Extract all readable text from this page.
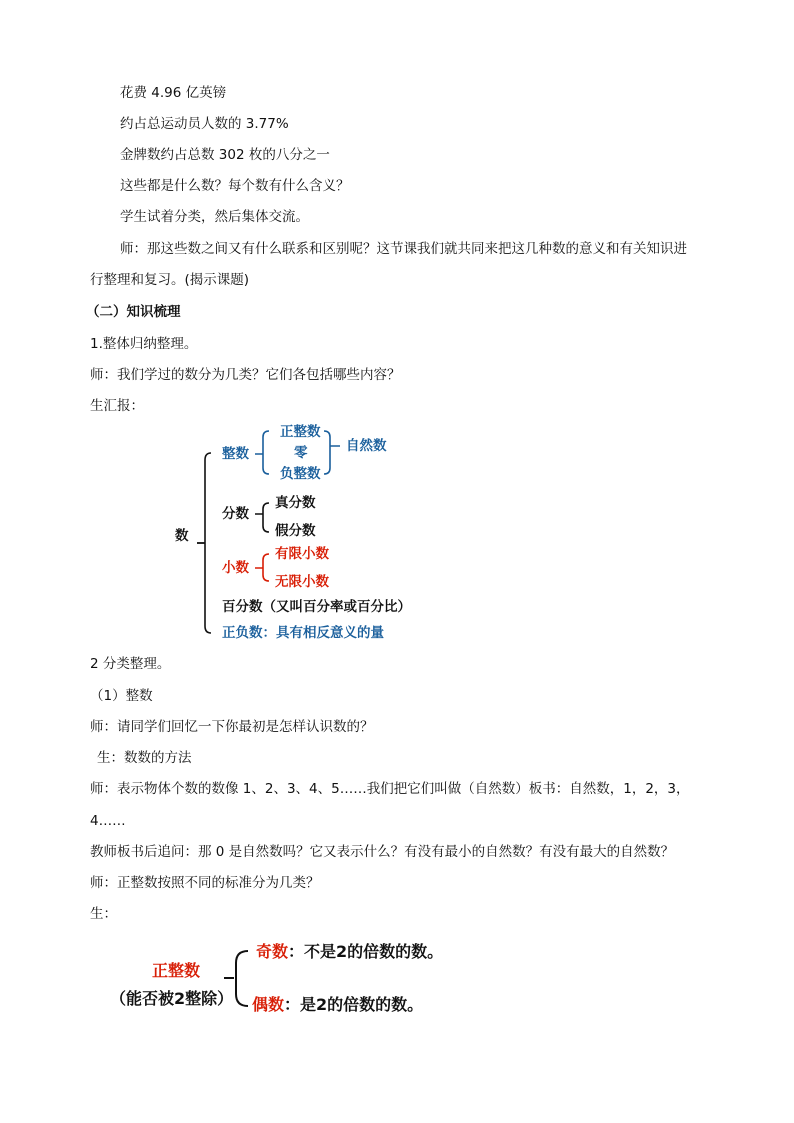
花费 4.96 亿英镑
约占总运动员人数的 3.77%
金牌数约占总数 302 枚的八分之一
这些都是什么数？每个数有什么含义？
学生试着分类，然后集体交流。
师：那这些数之间又有什么联系和区别呢？这节课我们就共同来把这几种数的意义和有关知识进
行整理和复习。(揭示课题)
（二）知识梳理
1.整体归纳整理。
师：我们学过的数分为几类？它们各包括哪些内容？
生汇报：
数
整数
正整数
零
负整数
自然数
分数
真分数
假分数
小数
有限小数
无限小数
百分数（又叫百分率或百分比）
正负数：具有相反意义的量
2 分类整理。
（1）整数
师：请同学们回忆一下你最初是怎样认识数的？
生：数数的方法
师：表示物体个数的数像 1、2、3、4、5……我们把它们叫做（自然数）板书：自然数，1，2，3，
4……
教师板书后追问：那 0 是自然数吗？它又表示什么？有没有最小的自然数？有没有最大的自然数？
师：正整数按照不同的标准分为几类？
生：
正整数
（能否被2整除）
奇数：不是2的倍数的数。
偶数：是2的倍数的数。
